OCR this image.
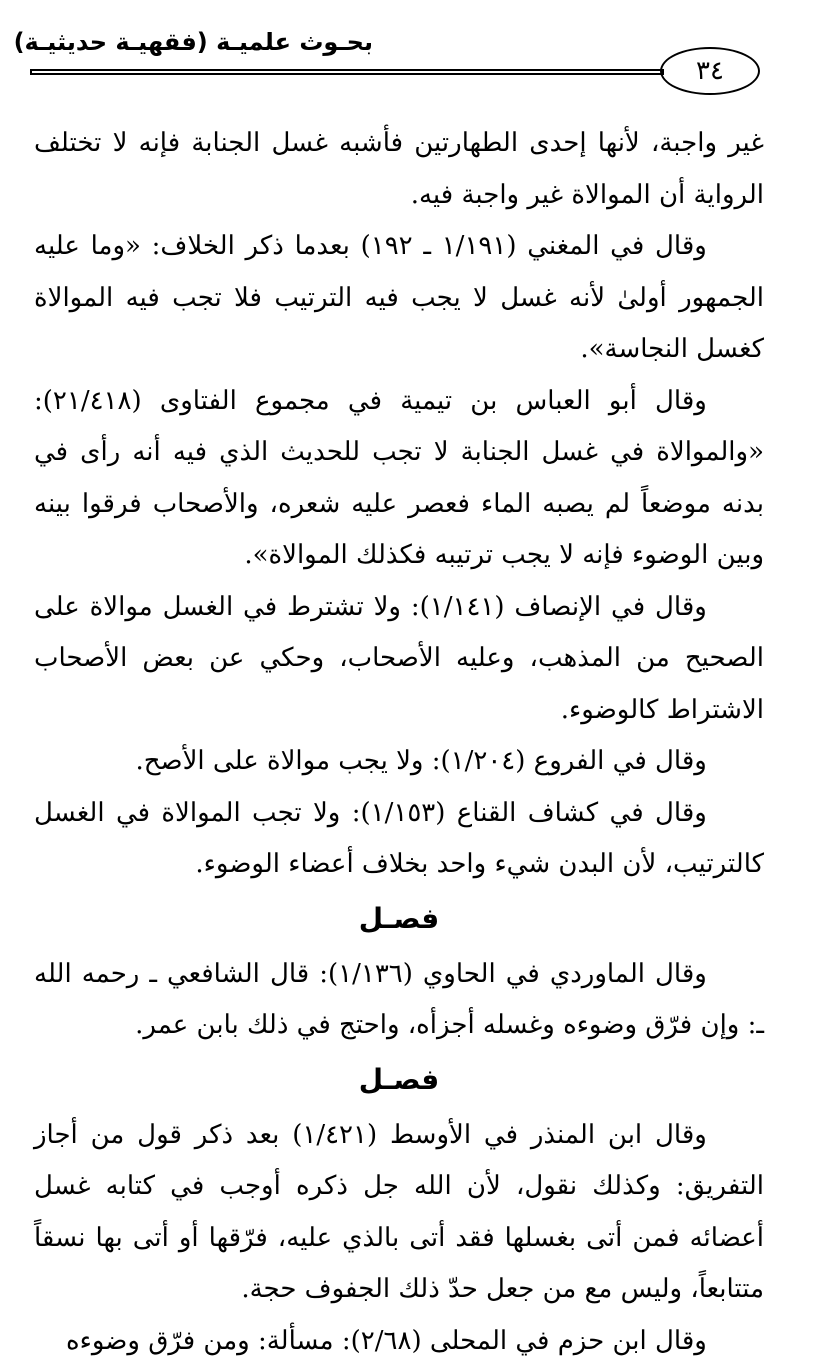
بحـوث علميـة (فقهيـة حديثيـة)
٣٤

غير واجبة، لأنها إحدى الطهارتين فأشبه غسل الجنابة فإنه لا تختلف الرواية أن الموالاة غير واجبة فيه.

وقال في المغني (١/١٩١ ـ ١٩٢) بعدما ذكر الخلاف: «وما عليه الجمهور أولىٰ لأنه غسل لا يجب فيه الترتيب فلا تجب فيه الموالاة كغسل النجاسة».

وقال أبو العباس بن تيمية في مجموع الفتاوى (٢١/٤١٨): «والموالاة في غسل الجنابة لا تجب للحديث الذي فيه أنه رأى في بدنه موضعاً لم يصبه الماء فعصر عليه شعره، والأصحاب فرقوا بينه وبين الوضوء فإنه لا يجب ترتيبه فكذلك الموالاة».

وقال في الإنصاف (١/١٤١): ولا تشترط في الغسل موالاة على الصحيح من المذهب، وعليه الأصحاب، وحكي عن بعض الأصحاب الاشتراط كالوضوء.

وقال في الفروع (١/٢٠٤): ولا يجب موالاة على الأصح.

وقال في كشاف القناع (١/١٥٣): ولا تجب الموالاة في الغسل كالترتيب، لأن البدن شيء واحد بخلاف أعضاء الوضوء.

فصـل

وقال الماوردي في الحاوي (١/١٣٦): قال الشافعي ـ رحمه الله ـ: وإن فرّق وضوءه وغسله أجزأه، واحتج في ذلك بابن عمر.

فصـل

وقال ابن المنذر في الأوسط (١/٤٢١) بعد ذكر قول من أجاز التفريق: وكذلك نقول، لأن الله جل ذكره أوجب في كتابه غسل أعضائه فمن أتى بغسلها فقد أتى بالذي عليه، فرّقها أو أتى بها نسقاً متتابعاً، وليس مع من جعل حدّ ذلك الجفوف حجة.

وقال ابن حزم في المحلى (٢/٦٨): مسألة: ومن فرّق وضوءه
